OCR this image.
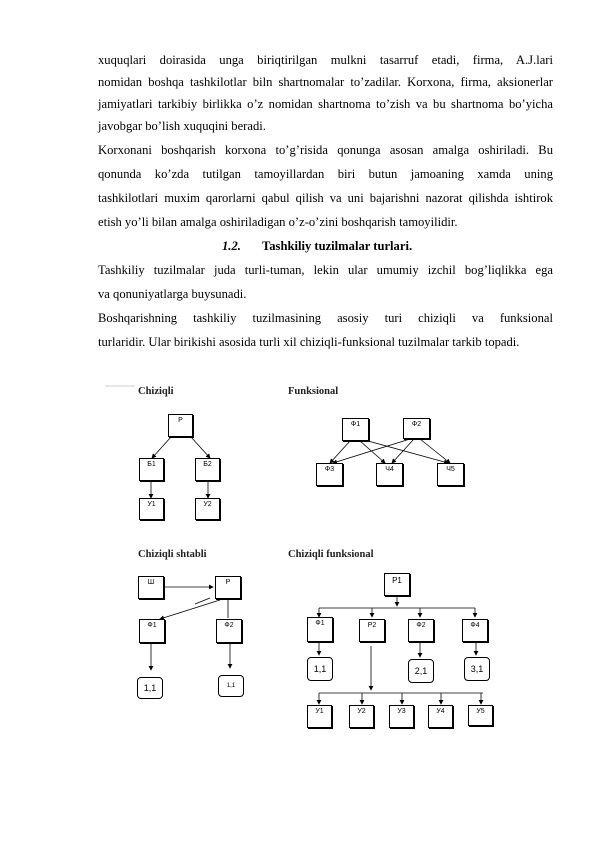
xuquqlari doirasida unga biriqtirilgan mulkni tasarruf etadi, firma, A.J.lari
nomidan boshqa tashkilotlar biln shartnomalar to’zadilar. Korxona, firma, aksionerlar
jamiyatlari tarkibiy birlikka o’z nomidan shartnoma to’zish va bu shartnoma bo’yicha
javobgar bo’lish xuquqini beradi.
Korxonani boshqarish korxona to’g’risida qonunga asosan amalga oshiriladi. Bu
qonunda ko’zda tutilgan tamoyillardan biri butun jamoaning xamda uning
tashkilotlari muxim qarorlarni qabul qilish va uni bajarishni nazorat qilishda ishtirok
etish yo’li bilan amalga oshiriladigan o’z-o’zini boshqarish tamoyilidir.
1.2. Tashkiliy tuzilmalar turlari.
Tashkiliy tuzilmalar juda turli-tuman, lekin ular umumiy izchil bog’liqlikka ega
va qonuniyatlarga buysunadi.
Boshqarishning tashkiliy tuzilmasining asosiy turi chiziqli va funksional
turlaridir. Ular birikishi asosida turli xil chiziqli-funksional tuzilmalar tarkib topadi.
Chiziqli	Funksional
Chiziqli shtabli	Chiziqli funksional
P
Б1	Б2
У1	У2
Ф1	Ф2
Ф3	Ч4	Ч5
Ш	P
Ф1	Ф2
1,1	1,1
P1
Ф1	P2	Ф2	Ф4
1,1	2,1	3,1
У1	У2	У3	У4	У5
